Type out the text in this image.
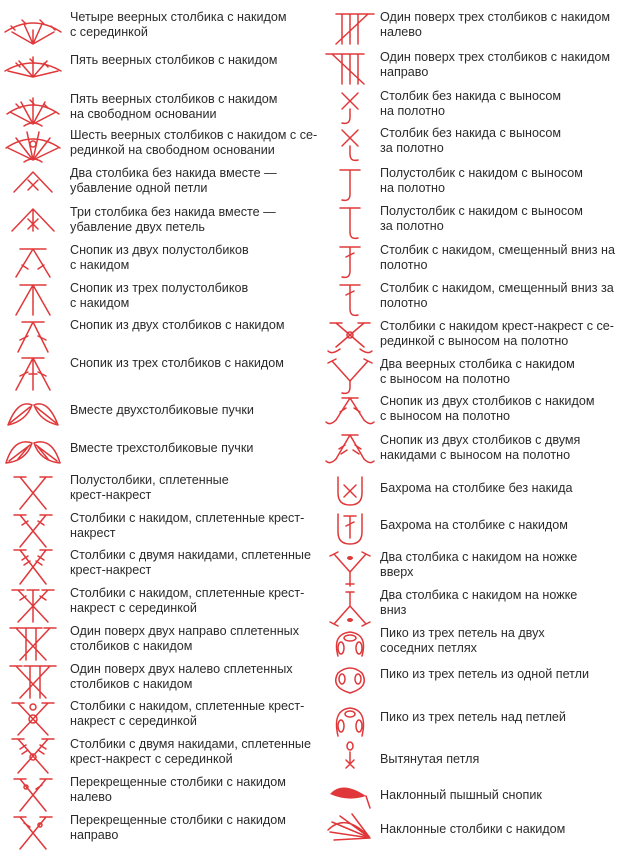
Четыре веерных столбика с накидом
с серединкой
Пять веерных столбиков с накидом
Пять веерных столбиков с накидом
на свободном основании
Шесть веерных столбиков с накидом с се-
рединкой на свободном основании
Два столбика без накида вместе —
убавление одной петли
Три столбика без накида вместе —
убавление двух петель
Снопик из двух полустолбиков
с накидом
Снопик из трех полустолбиков
с накидом
Снопик из двух столбиков с накидом
Снопик из трех столбиков с накидом
Вместе двухстолбиковые пучки
Вместе трехстолбиковые пучки
Полустолбики, сплетенные
крест-накрест
Столбики с накидом, сплетенные крест-
накрест
Столбики с двумя накидами, сплетенные
крест-накрест
Столбики с накидом, сплетенные крест-
накрест с серединкой
Один поверх двух направо сплетенных
столбиков с накидом
Один поверх двух налево сплетенных
столбиков с накидом
Столбики с накидом, сплетенные крест-
накрест с серединкой
Столбики с двумя накидами, сплетенные
крест-накрест с серединкой
Перекрещенные столбики с накидом
налево
Перекрещенные столбики с накидом
направо
Один поверх трех столбиков с накидом
налево
Один поверх трех столбиков с накидом
направо
Столбик без накида с выносом
на полотно
Столбик без накида с выносом
за полотно
Полустолбик с накидом с выносом
на полотно
Полустолбик с накидом с выносом
за полотно
Столбик с накидом, смещенный вниз на
полотно
Столбик с накидом, смещенный вниз за
полотно
Столбики с накидом крест-накрест с се-
рединкой с выносом на полотно
Два веерных столбика с накидом
с выносом на полотно
Снопик из двух столбиков с накидом
с выносом на полотно
Снопик из двух столбиков с двумя
накидами с выносом на полотно
Бахрома на столбике без накида
Бахрома на столбике с накидом
Два столбика с накидом на ножке
вверх
Два столбика с накидом на ножке
вниз
Пико из трех петель на двух
соседних петлях
Пико из трех петель из одной петли
Пико из трех петель над петлей
Вытянутая петля
Наклонный пышный снопик
Наклонные столбики с накидом
